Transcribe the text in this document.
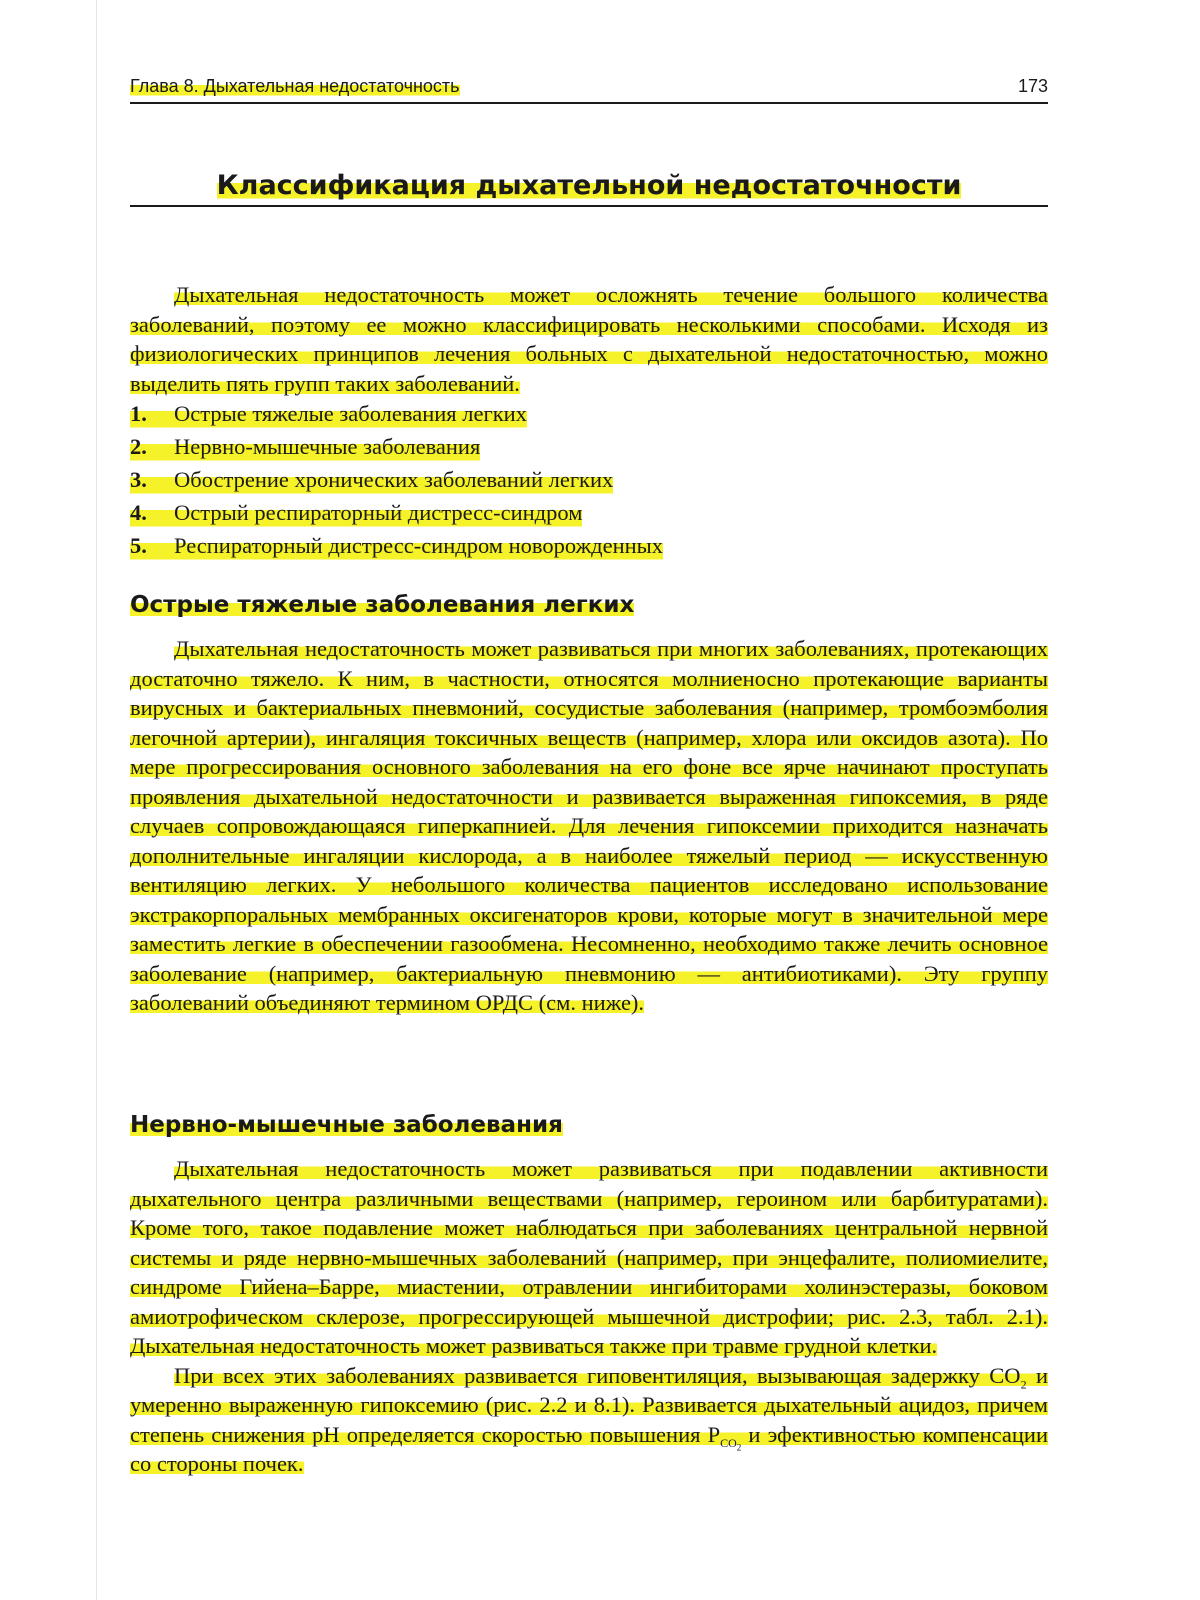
Глава 8. Дыхательная недостаточность	173
Классификация дыхательной недостаточности

Дыхательная недостаточность может осложнять течение большого количества заболеваний, поэтому ее можно классифицировать несколькими способами. Исходя из физиологических принципов лечения больных с дыхательной недостаточностью, можно выделить пять групп таких заболеваний.

1.	Острые тяжелые заболевания легких
2.	Нервно-мышечные заболевания
3.	Обострение хронических заболеваний легких
4.	Острый респираторный дистресс-синдром
5.	Респираторный дистресс-синдром новорожденных
Острые тяжелые заболевания легких

Дыхательная недостаточность может развиваться при многих заболеваниях, протекающих достаточно тяжело. К ним, в частности, относятся молниеносно протекающие варианты вирусных и бактериальных пневмоний, сосудистые заболевания (например, тромбоэмболия легочной артерии), ингаляция токсичных веществ (например, хлора или оксидов азота). По мере прогрессирования основного заболевания на его фоне все ярче начинают проступать проявления дыхательной недостаточности и развивается выраженная гипоксемия, в ряде случаев сопровождающаяся гиперкапнией. Для лечения гипоксемии приходится назначать дополнительные ингаляции кислорода, а в наиболее тяжелый период — искусственную вентиляцию легких. У небольшого количества пациентов исследовано использование экстракорпоральных мембранных оксигенаторов крови, которые могут в значительной мере заместить легкие в обеспечении газообмена. Несомненно, необходимо также лечить основное заболевание (например, бактериальную пневмонию — антибиотиками). Эту группу заболеваний объединяют термином ОРДС (см. ниже).

Нервно-мышечные заболевания

Дыхательная недостаточность может развиваться при подавлении активности дыхательного центра различными веществами (например, героином или барбитуратами). Кроме того, такое подавление может наблюдаться при заболеваниях центральной нервной системы и ряде нервно-мышечных заболеваний (например, при энцефалите, полиомиелите, синдроме Гийена–Барре, миастении, отравлении ингибиторами холинэстеразы, боковом амиотрофическом склерозе, прогрессирующей мышечной дистрофии; рис. 2.3, табл. 2.1). Дыхательная недостаточность может развиваться также при травме грудной клетки.

При всех этих заболеваниях развивается гиповентиляция, вызывающая задержку $CO_2$ и умеренно выраженную гипоксемию (рис. 2.2 и 8.1). Развивается дыхательный ацидоз, причем степень снижения pH определяется скоростью повышения $P_{CO_2}$ и эфективностью компенсации со стороны почек.
